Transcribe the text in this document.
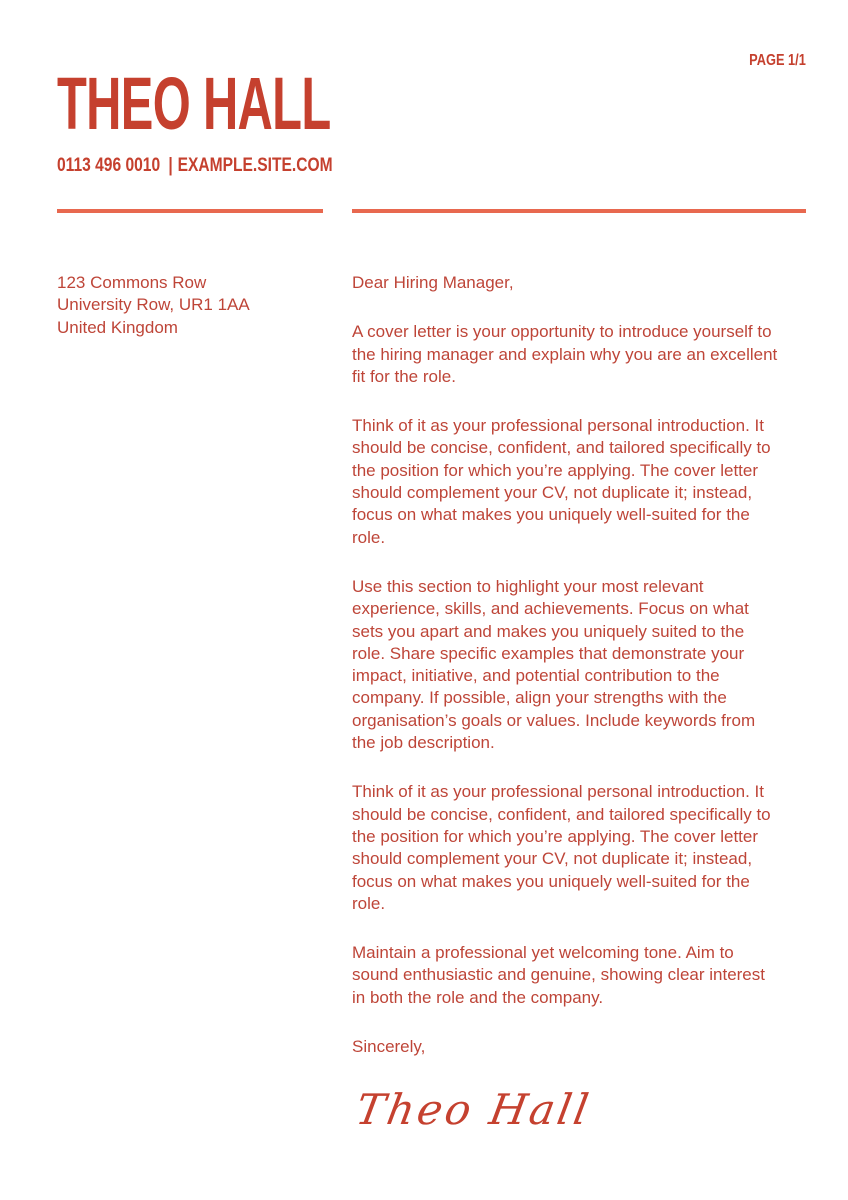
PAGE 1/1
THEO HALL
0113 496 0010 | EXAMPLE.SITE.COM
123 Commons Row
University Row, UR1 1AA
United Kingdom

Dear Hiring Manager,

A cover letter is your opportunity to introduce yourself to the hiring manager and explain why you are an excellent fit for the role.

Think of it as your professional personal introduction. It should be concise, confident, and tailored specifically to the position for which you’re applying. The cover letter should complement your CV, not duplicate it; instead, focus on what makes you uniquely well-suited for the role.

Use this section to highlight your most relevant experience, skills, and achievements. Focus on what sets you apart and makes you uniquely suited to the role. Share specific examples that demonstrate your impact, initiative, and potential contribution to the company. If possible, align your strengths with the organisation’s goals or values. Include keywords from the job description.

Think of it as your professional personal introduction. It should be concise, confident, and tailored specifically to the position for which you’re applying. The cover letter should complement your CV, not duplicate it; instead, focus on what makes you uniquely well-suited for the role.

Maintain a professional yet welcoming tone. Aim to sound enthusiastic and genuine, showing clear interest in both the role and the company.

Sincerely,

Theo Hall
